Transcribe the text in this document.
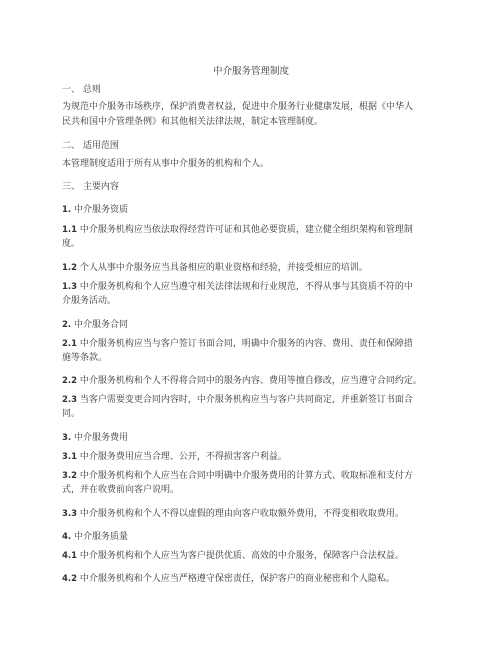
中介服务管理制度
一、 总则
为规范中介服务市场秩序，保护消费者权益，促进中介服务行业健康发展，根据《中华人
民共和国中介管理条例》和其他相关法律法规，制定本管理制度。
二、 适用范围
本管理制度适用于所有从事中介服务的机构和个人。
三、 主要内容
1. 中介服务资质
1.1 中介服务机构应当依法取得经营许可证和其他必要资质，建立健全组织架构和管理制
度。
1.2 个人从事中介服务应当具备相应的职业资格和经验，并接受相应的培训。
1.3 中介服务机构和个人应当遵守相关法律法规和行业规范，不得从事与其资质不符的中
介服务活动。
2. 中介服务合同
2.1 中介服务机构应当与客户签订书面合同，明确中介服务的内容、费用、责任和保障措
施等条款。
2.2 中介服务机构和个人不得将合同中的服务内容、费用等擅自修改，应当遵守合同约定。
2.3 当客户需要变更合同内容时，中介服务机构应当与客户共同商定，并重新签订书面合
同。
3. 中介服务费用
3.1 中介服务费用应当合理、公开，不得损害客户利益。
3.2 中介服务机构和个人应当在合同中明确中介服务费用的计算方式、收取标准和支付方
式，并在收费前向客户说明。
3.3 中介服务机构和个人不得以虚假的理由向客户收取额外费用，不得变相收取费用。
4. 中介服务质量
4.1 中介服务机构和个人应当为客户提供优质、高效的中介服务，保障客户合法权益。
4.2 中介服务机构和个人应当严格遵守保密责任，保护客户的商业秘密和个人隐私。
